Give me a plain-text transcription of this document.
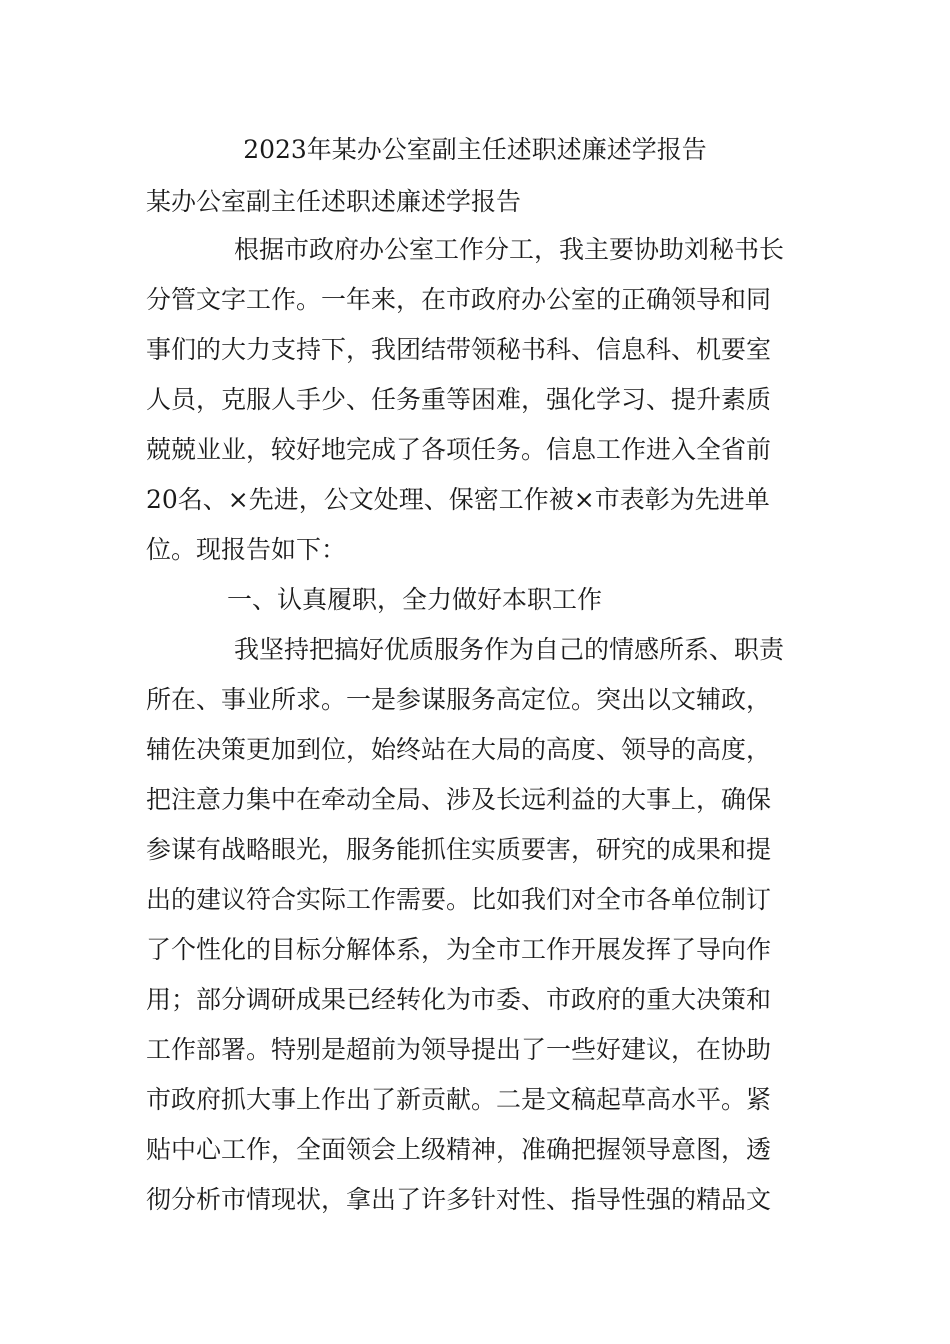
2023年某办公室副主任述职述廉述学报告
某办公室副主任述职述廉述学报告
根据市政府办公室工作分工，我主要协助刘秘书长
分管文字工作。一年来，在市政府办公室的正确领导和同
事们的大力支持下，我团结带领秘书科、信息科、机要室
人员，克服人手少、任务重等困难，强化学习、提升素质
兢兢业业，较好地完成了各项任务。信息工作进入全省前
20名、×先进，公文处理、保密工作被×市表彰为先进单
位。现报告如下：
一、认真履职，全力做好本职工作
我坚持把搞好优质服务作为自己的情感所系、职责
所在、事业所求。一是参谋服务高定位。突出以文辅政，
辅佐决策更加到位，始终站在大局的高度、领导的高度，
把注意力集中在牵动全局、涉及长远利益的大事上，确保
参谋有战略眼光，服务能抓住实质要害，研究的成果和提
出的建议符合实际工作需要。比如我们对全市各单位制订
了个性化的目标分解体系，为全市工作开展发挥了导向作
用；部分调研成果已经转化为市委、市政府的重大决策和
工作部署。特别是超前为领导提出了一些好建议，在协助
市政府抓大事上作出了新贡献。二是文稿起草高水平。紧
贴中心工作，全面领会上级精神，准确把握领导意图，透
彻分析市情现状，拿出了许多针对性、指导性强的精品文
